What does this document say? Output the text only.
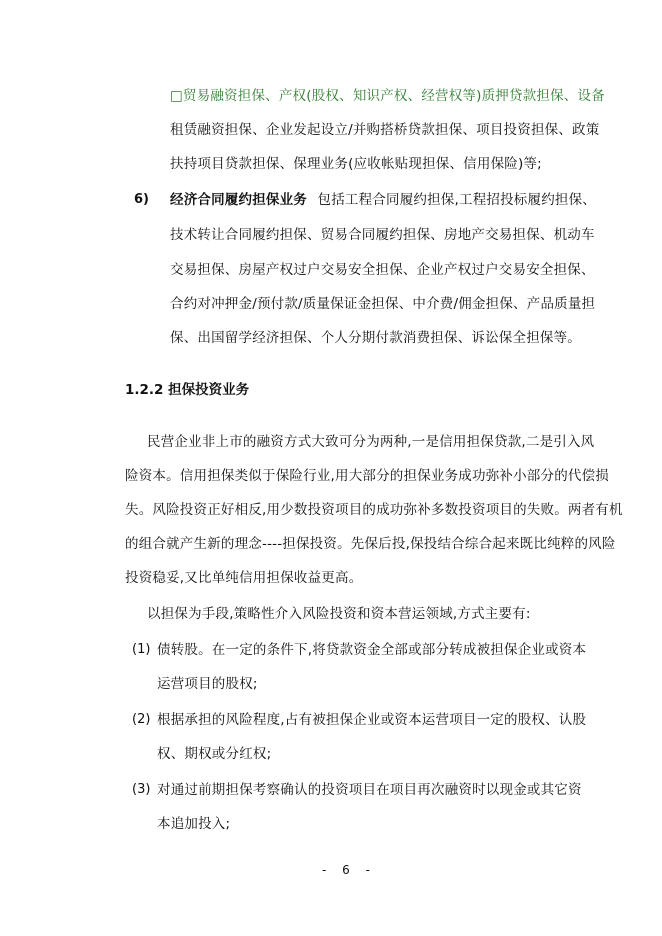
□贸易融资担保、产权(股权、知识产权、经营权等)质押贷款担保、设备
租赁融资担保、企业发起设立/并购搭桥贷款担保、项目投资担保、政策
扶持项目贷款担保、保理业务(应收帐贴现担保、信用保险)等;
6) 经济合同履约担保业务 包括工程合同履约担保,工程招投标履约担保、
技术转让合同履约担保、贸易合同履约担保、房地产交易担保、机动车
交易担保、房屋产权过户交易安全担保、企业产权过户交易安全担保、
合约对冲押金/预付款/质量保证金担保、中介费/佣金担保、产品质量担
保、出国留学经济担保、个人分期付款消费担保、诉讼保全担保等。
1.2.2 担保投资业务
民营企业非上市的融资方式大致可分为两种,一是信用担保贷款,二是引入风
险资本。信用担保类似于保险行业,用大部分的担保业务成功弥补小部分的代偿损
失。风险投资正好相反,用少数投资项目的成功弥补多数投资项目的失败。两者有机
的组合就产生新的理念----担保投资。先保后投,保投结合综合起来既比纯粹的风险
投资稳妥,又比单纯信用担保收益更高。
以担保为手段,策略性介入风险投资和资本营运领域,方式主要有:
(1) 债转股。在一定的条件下,将贷款资金全部或部分转成被担保企业或资本
运营项目的股权;
(2) 根据承担的风险程度,占有被担保企业或资本运营项目一定的股权、认股
权、期权或分红权;
(3) 对通过前期担保考察确认的投资项目在项目再次融资时以现金或其它资
本追加投入;
- 6 -
